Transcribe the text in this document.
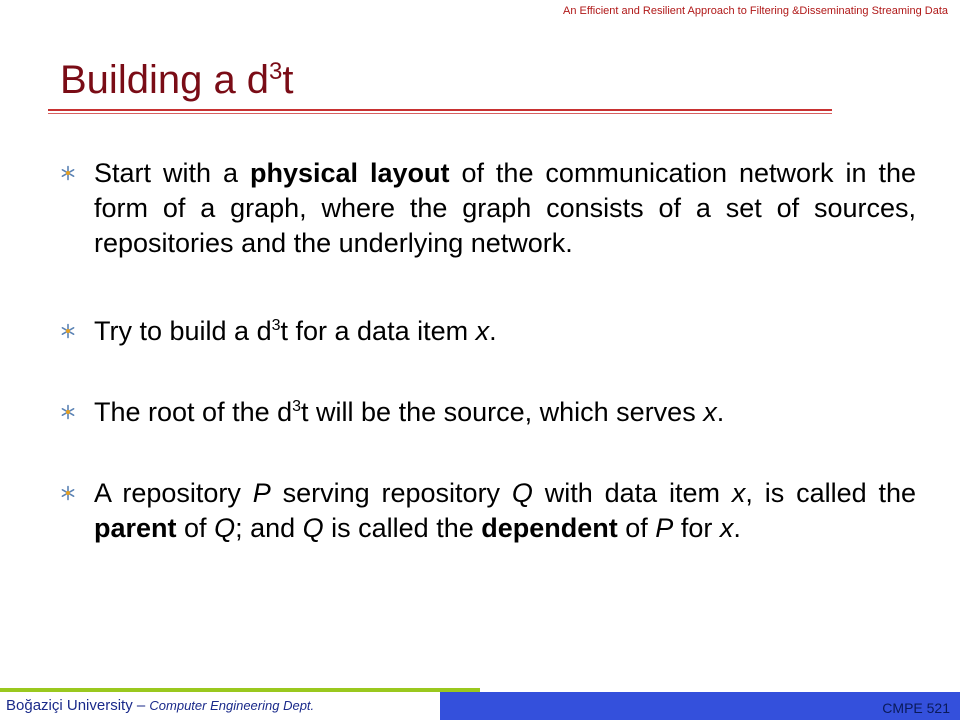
An Efficient and Resilient Approach to Filtering &Disseminating Streaming Data
Building a $d^3t$
Start with a physical layout of the communication network in the form of a graph, where the graph consists of a set of sources, repositories and the underlying network.
Try to build a $d^3t$ for a data item x.
The root of the $d^3t$ will be the source, which serves x.
A repository P serving repository Q with data item x, is called the parent of Q; and Q is called the dependent of P for x.
Boğaziçi University – Computer Engineering Dept.	CMPE 521
